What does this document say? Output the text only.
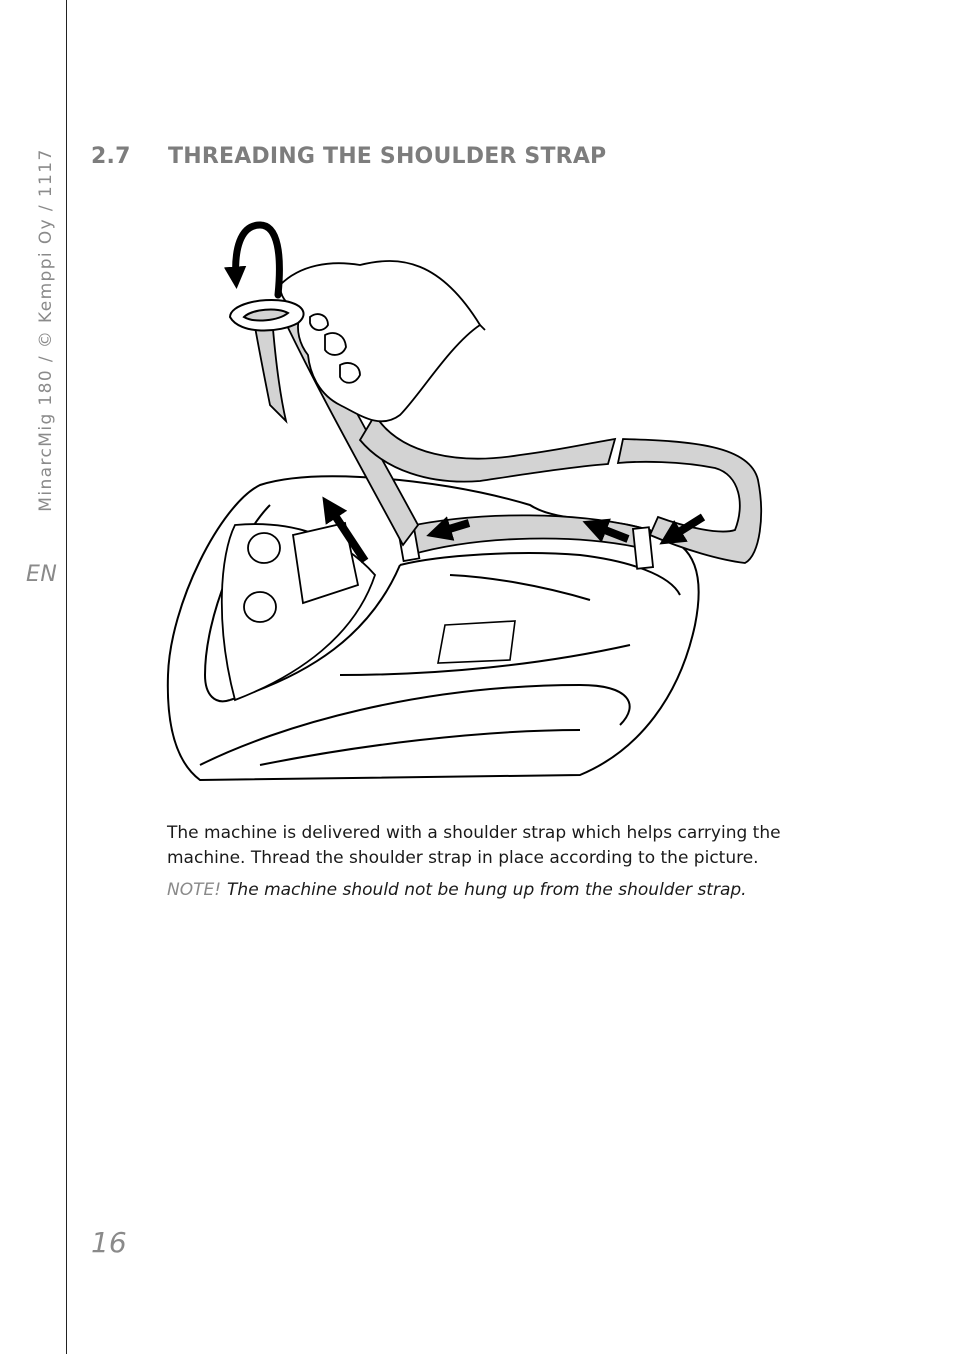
MinarcMig 180 / © Kemppi Oy / 1117
EN
2.7 THREADING THE SHOULDER STRAP
The machine is delivered with a shoulder strap which helps carrying the machine. Thread the shoulder strap in place according to the picture.
NOTE! The machine should not be hung up from the shoulder strap.
16
